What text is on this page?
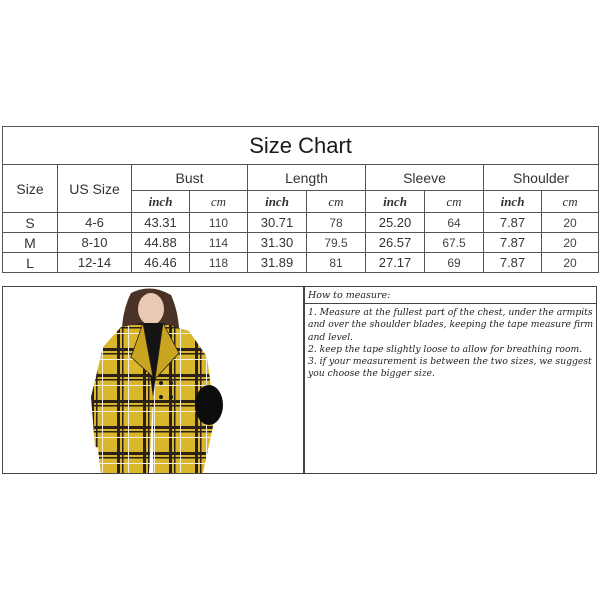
Size Chart									
Size	US Size	Bust		Length		Sleeve		Shoulder	
		inch	cm	inch	cm	inch	cm	inch	cm
S	4-6	43.31	110	30.71	78	25.20	64	7.87	20
M	8-10	44.88	114	31.30	79.5	26.57	67.5	7.87	20
L	12-14	46.46	118	31.89	81	27.17	69	7.87	20
How to measure:

1. Measure at the fullest part of the chest, under the armpits and over the shoulder blades, keeping the tape measure firm and level.

2. keep the tape slightly loose to allow for breathing room.

3. if your measurement is between the two sizes, we suggest you choose the bigger size.
